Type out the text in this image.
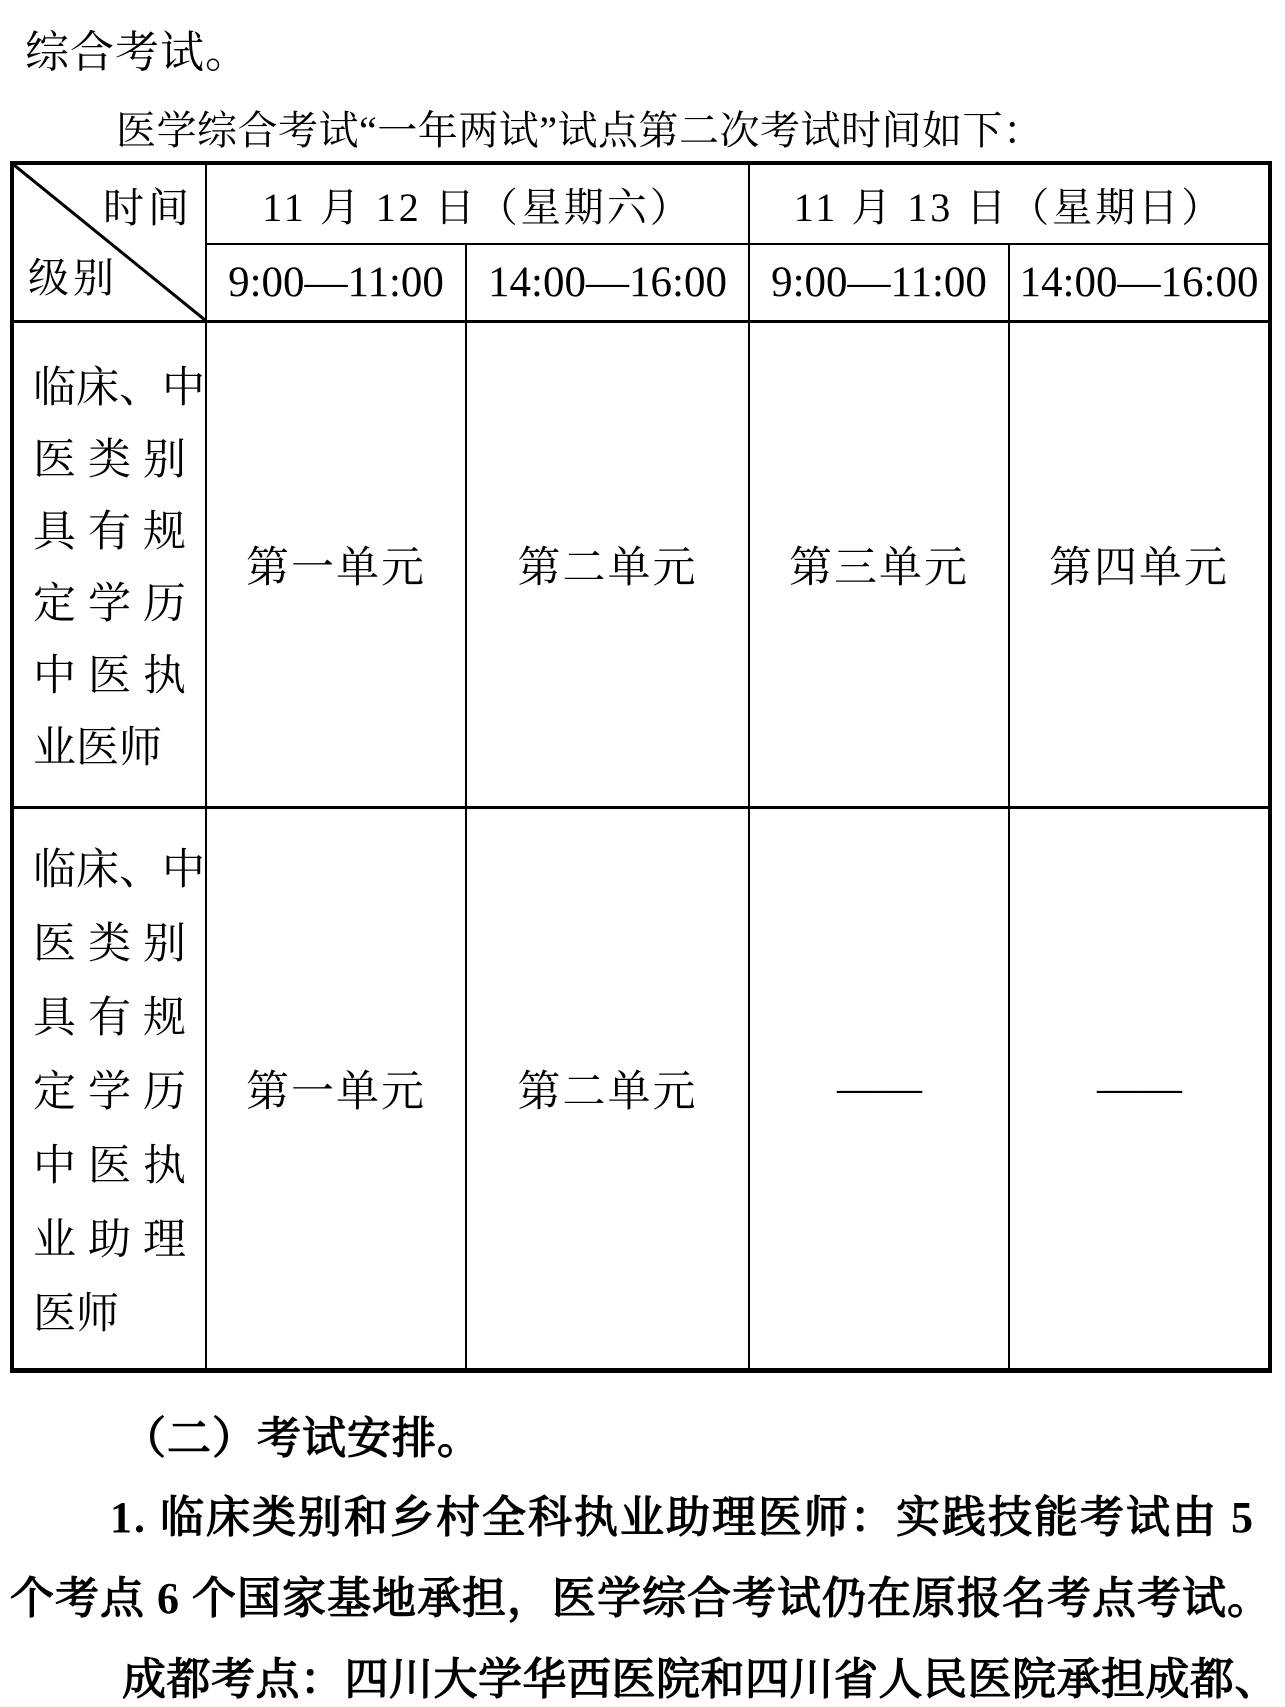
综合考试。
医学综合考试“一年两试”试点第二次考试时间如下：
时间
级别
11 月 12 日（星期六）	11 月 13 日（星期日）
9:00—11:00	14:00—16:00	9:00—11:00 14:00—16:00
临 床、 中
医 类 别
具 有 规
定 学 历
中 医 执
业医师
第一单元	第二单元	第三单元	第四单元
临 床、 中
医 类 别
具 有 规
定 学 历
中 医 执
业 助 理
医师
第一单元	第二单元	——	——
（二）考试安排。
1. 临床类别和乡村全科执业助理医师：实践技能考试由 5
个考点 6 个国家基地承担，医学综合考试仍在原报名考点考试。
成都考点：四川大学华西医院和四川省人民医院承担成都、
